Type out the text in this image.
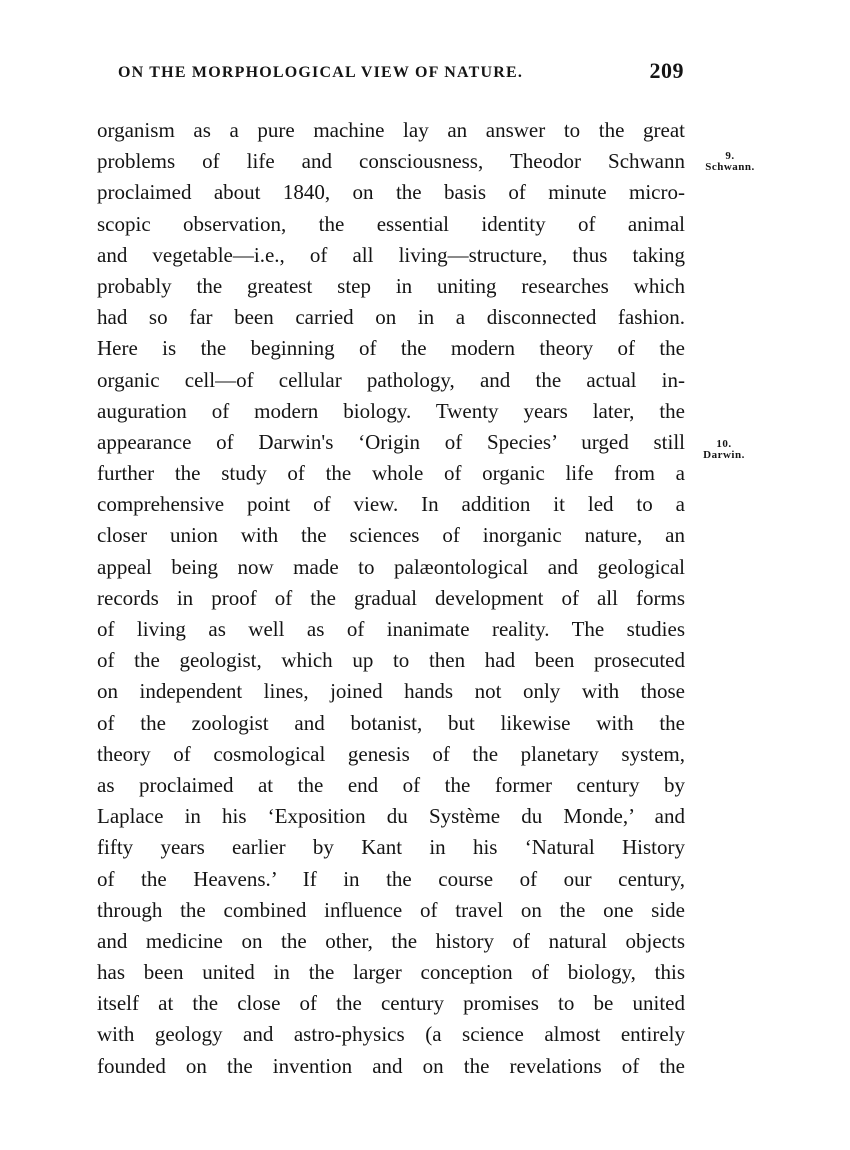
ON THE MORPHOLOGICAL VIEW OF NATURE.	209
organism as a pure machine lay an answer to the great
problems of life and consciousness, Theodor Schwann
proclaimed about 1840, on the basis of minute micro-
scopic observation, the essential identity of animal
and vegetable—i.e., of all living—structure, thus taking
probably the greatest step in uniting researches which
had so far been carried on in a disconnected fashion.
Here is the beginning of the modern theory of the
organic cell—of cellular pathology, and the actual in-
auguration of modern biology. Twenty years later, the
appearance of Darwin's ‘Origin of Species’ urged still
further the study of the whole of organic life from a
comprehensive point of view. In addition it led to a
closer union with the sciences of inorganic nature, an
appeal being now made to palæontological and geological
records in proof of the gradual development of all forms
of living as well as of inanimate reality. The studies
of the geologist, which up to then had been prosecuted
on independent lines, joined hands not only with those
of the zoologist and botanist, but likewise with the
theory of cosmological genesis of the planetary system,
as proclaimed at the end of the former century by
Laplace in his ‘Exposition du Système du Monde,’ and
fifty years earlier by Kant in his ‘Natural History
of the Heavens.’ If in the course of our century,
through the combined influence of travel on the one side
and medicine on the other, the history of natural objects
has been united in the larger conception of biology, this
itself at the close of the century promises to be united
with geology and astro-physics (a science almost entirely
founded on the invention and on the revelations of the
9.
Schwann.
10.
Darwin.
